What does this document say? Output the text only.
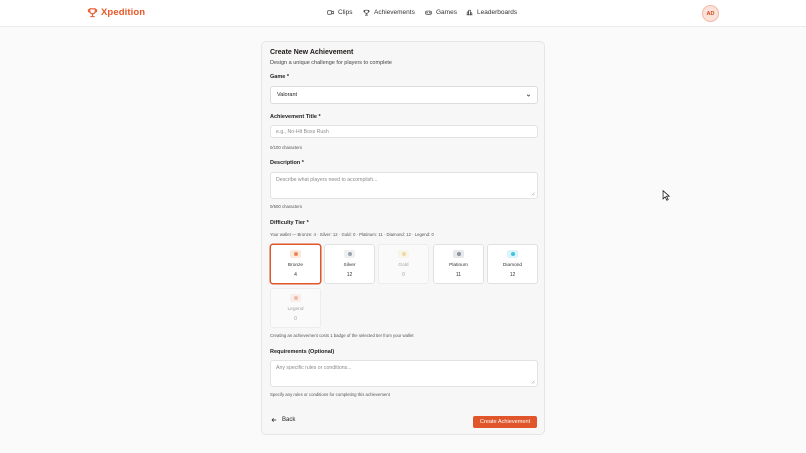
Xpedition	Clips	Achievements	Games	Leaderboards	AD
Create New Achievement
Design a unique challenge for players to complete
Game *
Valorant
Achievement Title *
e.g., No-Hit Boss Rush
0/100 characters
Description *
Describe what players need to accomplish...
0/500 characters
Difficulty Tier *
Your wallet — Bronze: 4 · Silver: 12 · Gold: 0 · Platinum: 11 · Diamond: 12 · Legend: 0
Bronze
4
Silver
12
Gold
0
Platinum
11
Diamond
12
Legend
0
Creating an achievement costs 1 badge of the selected tier from your wallet
Requirements (Optional)
Any specific rules or conditions...
Specify any rules or conditions for completing this achievement
Back	Create Achievement
